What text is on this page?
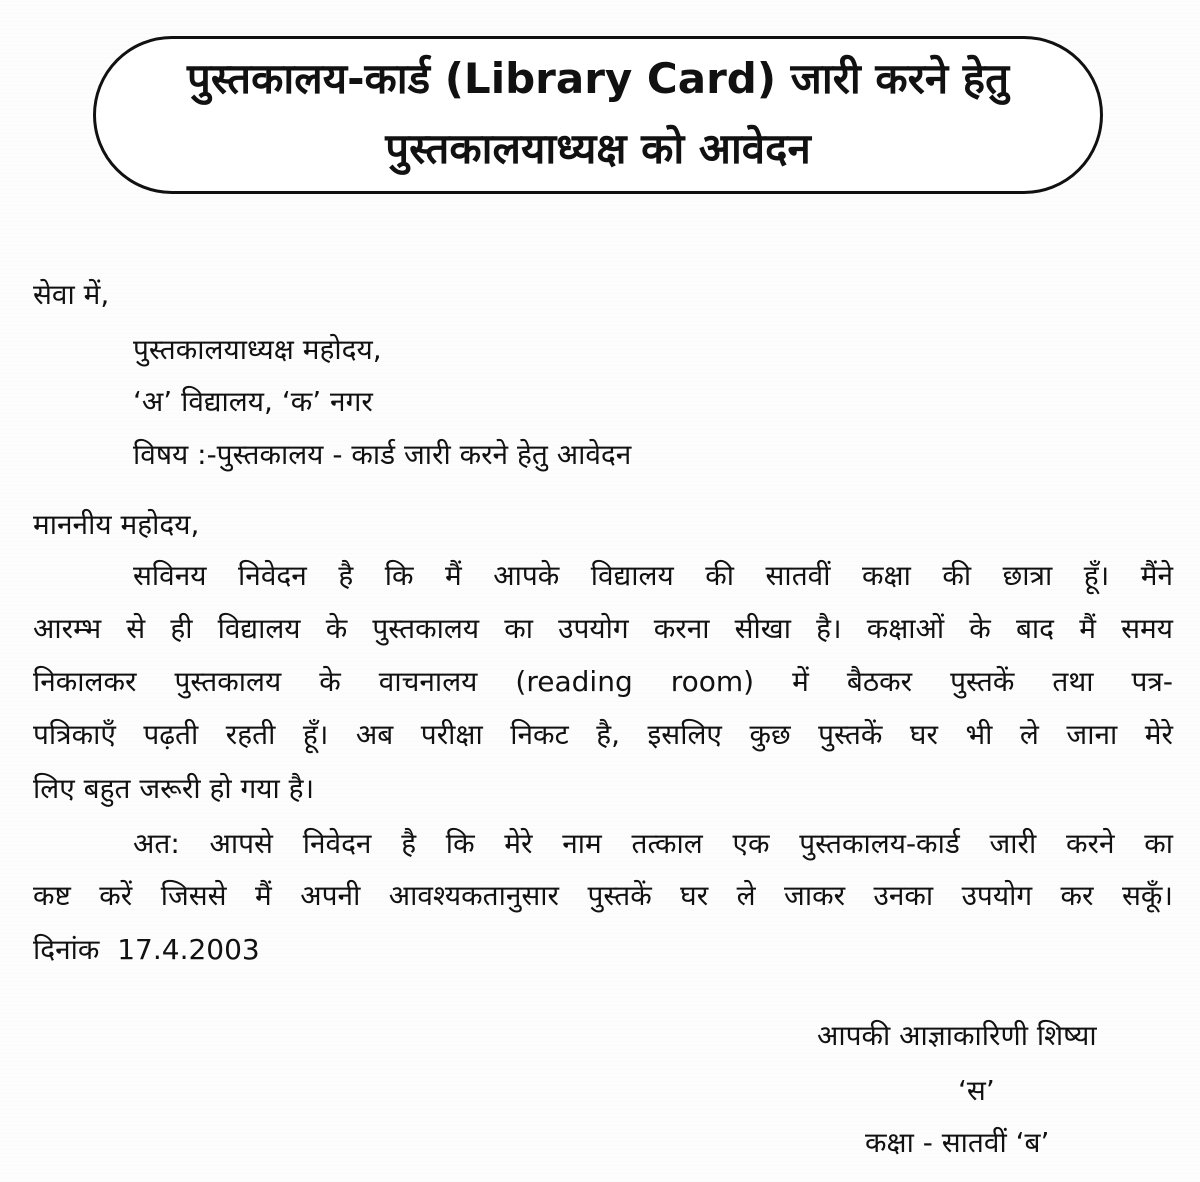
पुस्तकालय-कार्ड (Library Card) जारी करने हेतु
पुस्तकालयाध्यक्ष को आवेदन
सेवा में,
पुस्तकालयाध्यक्ष महोदय,
‘अ’ विद्यालय, ‘क’ नगर
विषय :-पुस्तकालय - कार्ड जारी करने हेतु आवेदन
माननीय महोदय,
सविनय निवेदन है कि मैं आपके विद्यालय की सातवीं कक्षा की छात्रा हूँ। मैंने
आरम्भ से ही विद्यालय के पुस्तकालय का उपयोग करना सीखा है। कक्षाओं के बाद मैं समय
निकालकर पुस्तकालय के वाचनालय (reading room) में बैठकर पुस्तकें तथा पत्र-
पत्रिकाएँ पढ़ती रहती हूँ। अब परीक्षा निकट है, इसलिए कुछ पुस्तकें घर भी ले जाना मेरे
लिए बहुत जरूरी हो गया है।
अत: आपसे निवेदन है कि मेरे नाम तत्काल एक पुस्तकालय-कार्ड जारी करने का
कष्ट करें जिससे मैं अपनी आवश्यकतानुसार पुस्तकें घर ले जाकर उनका उपयोग कर सकूँ।
दिनांक 17.4.2003
आपकी आज्ञाकारिणी शिष्या
‘स’
कक्षा - सातवीं ‘ब’
